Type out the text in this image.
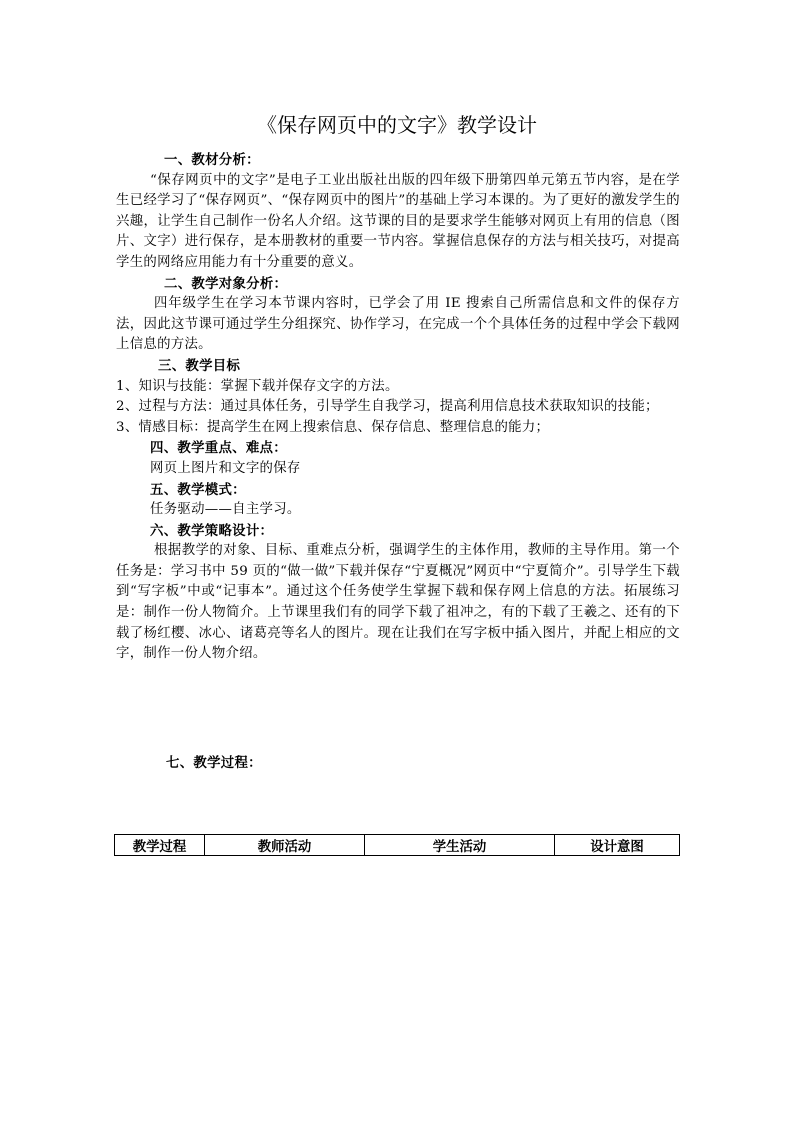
《保存网页中的文字》教学设计

一、教材分析：

“保存网页中的文字”是电子工业出版社出版的四年级下册第四单元第五节内容，是在学生已经学习了“保存网页”、“保存网页中的图片”的基础上学习本课的。为了更好的激发学生的兴趣，让学生自己制作一份名人介绍。这节课的目的是要求学生能够对网页上有用的信息（图片、文字）进行保存，是本册教材的重要一节内容。掌握信息保存的方法与相关技巧，对提高学生的网络应用能力有十分重要的意义。

二、教学对象分析：

四年级学生在学习本节课内容时，已学会了用 IE 搜索自己所需信息和文件的保存方法，因此这节课可通过学生分组探究、协作学习，在完成一个个具体任务的过程中学会下载网上信息的方法。

三、教学目标

1、知识与技能：掌握下载并保存文字的方法。

2、过程与方法：通过具体任务，引导学生自我学习，提高利用信息技术获取知识的技能；

3、情感目标：提高学生在网上搜索信息、保存信息、整理信息的能力；

四、教学重点、难点：

网页上图片和文字的保存

五、教学模式：

任务驱动——自主学习。

六、教学策略设计：

根据教学的对象、目标、重难点分析，强调学生的主体作用，教师的主导作用。第一个任务是：学习书中 59 页的“做一做”下载并保存“宁夏概况”网页中“宁夏简介”。引导学生下载到“写字板”中或“记事本”。通过这个任务使学生掌握下载和保存网上信息的方法。拓展练习是：制作一份人物简介。上节课里我们有的同学下载了祖冲之，有的下载了王羲之、还有的下载了杨红樱、冰心、诸葛亮等名人的图片。现在让我们在写字板中插入图片，并配上相应的文字，制作一份人物介绍。

七、教学过程：

教学过程	教师活动	学生活动	设计意图
